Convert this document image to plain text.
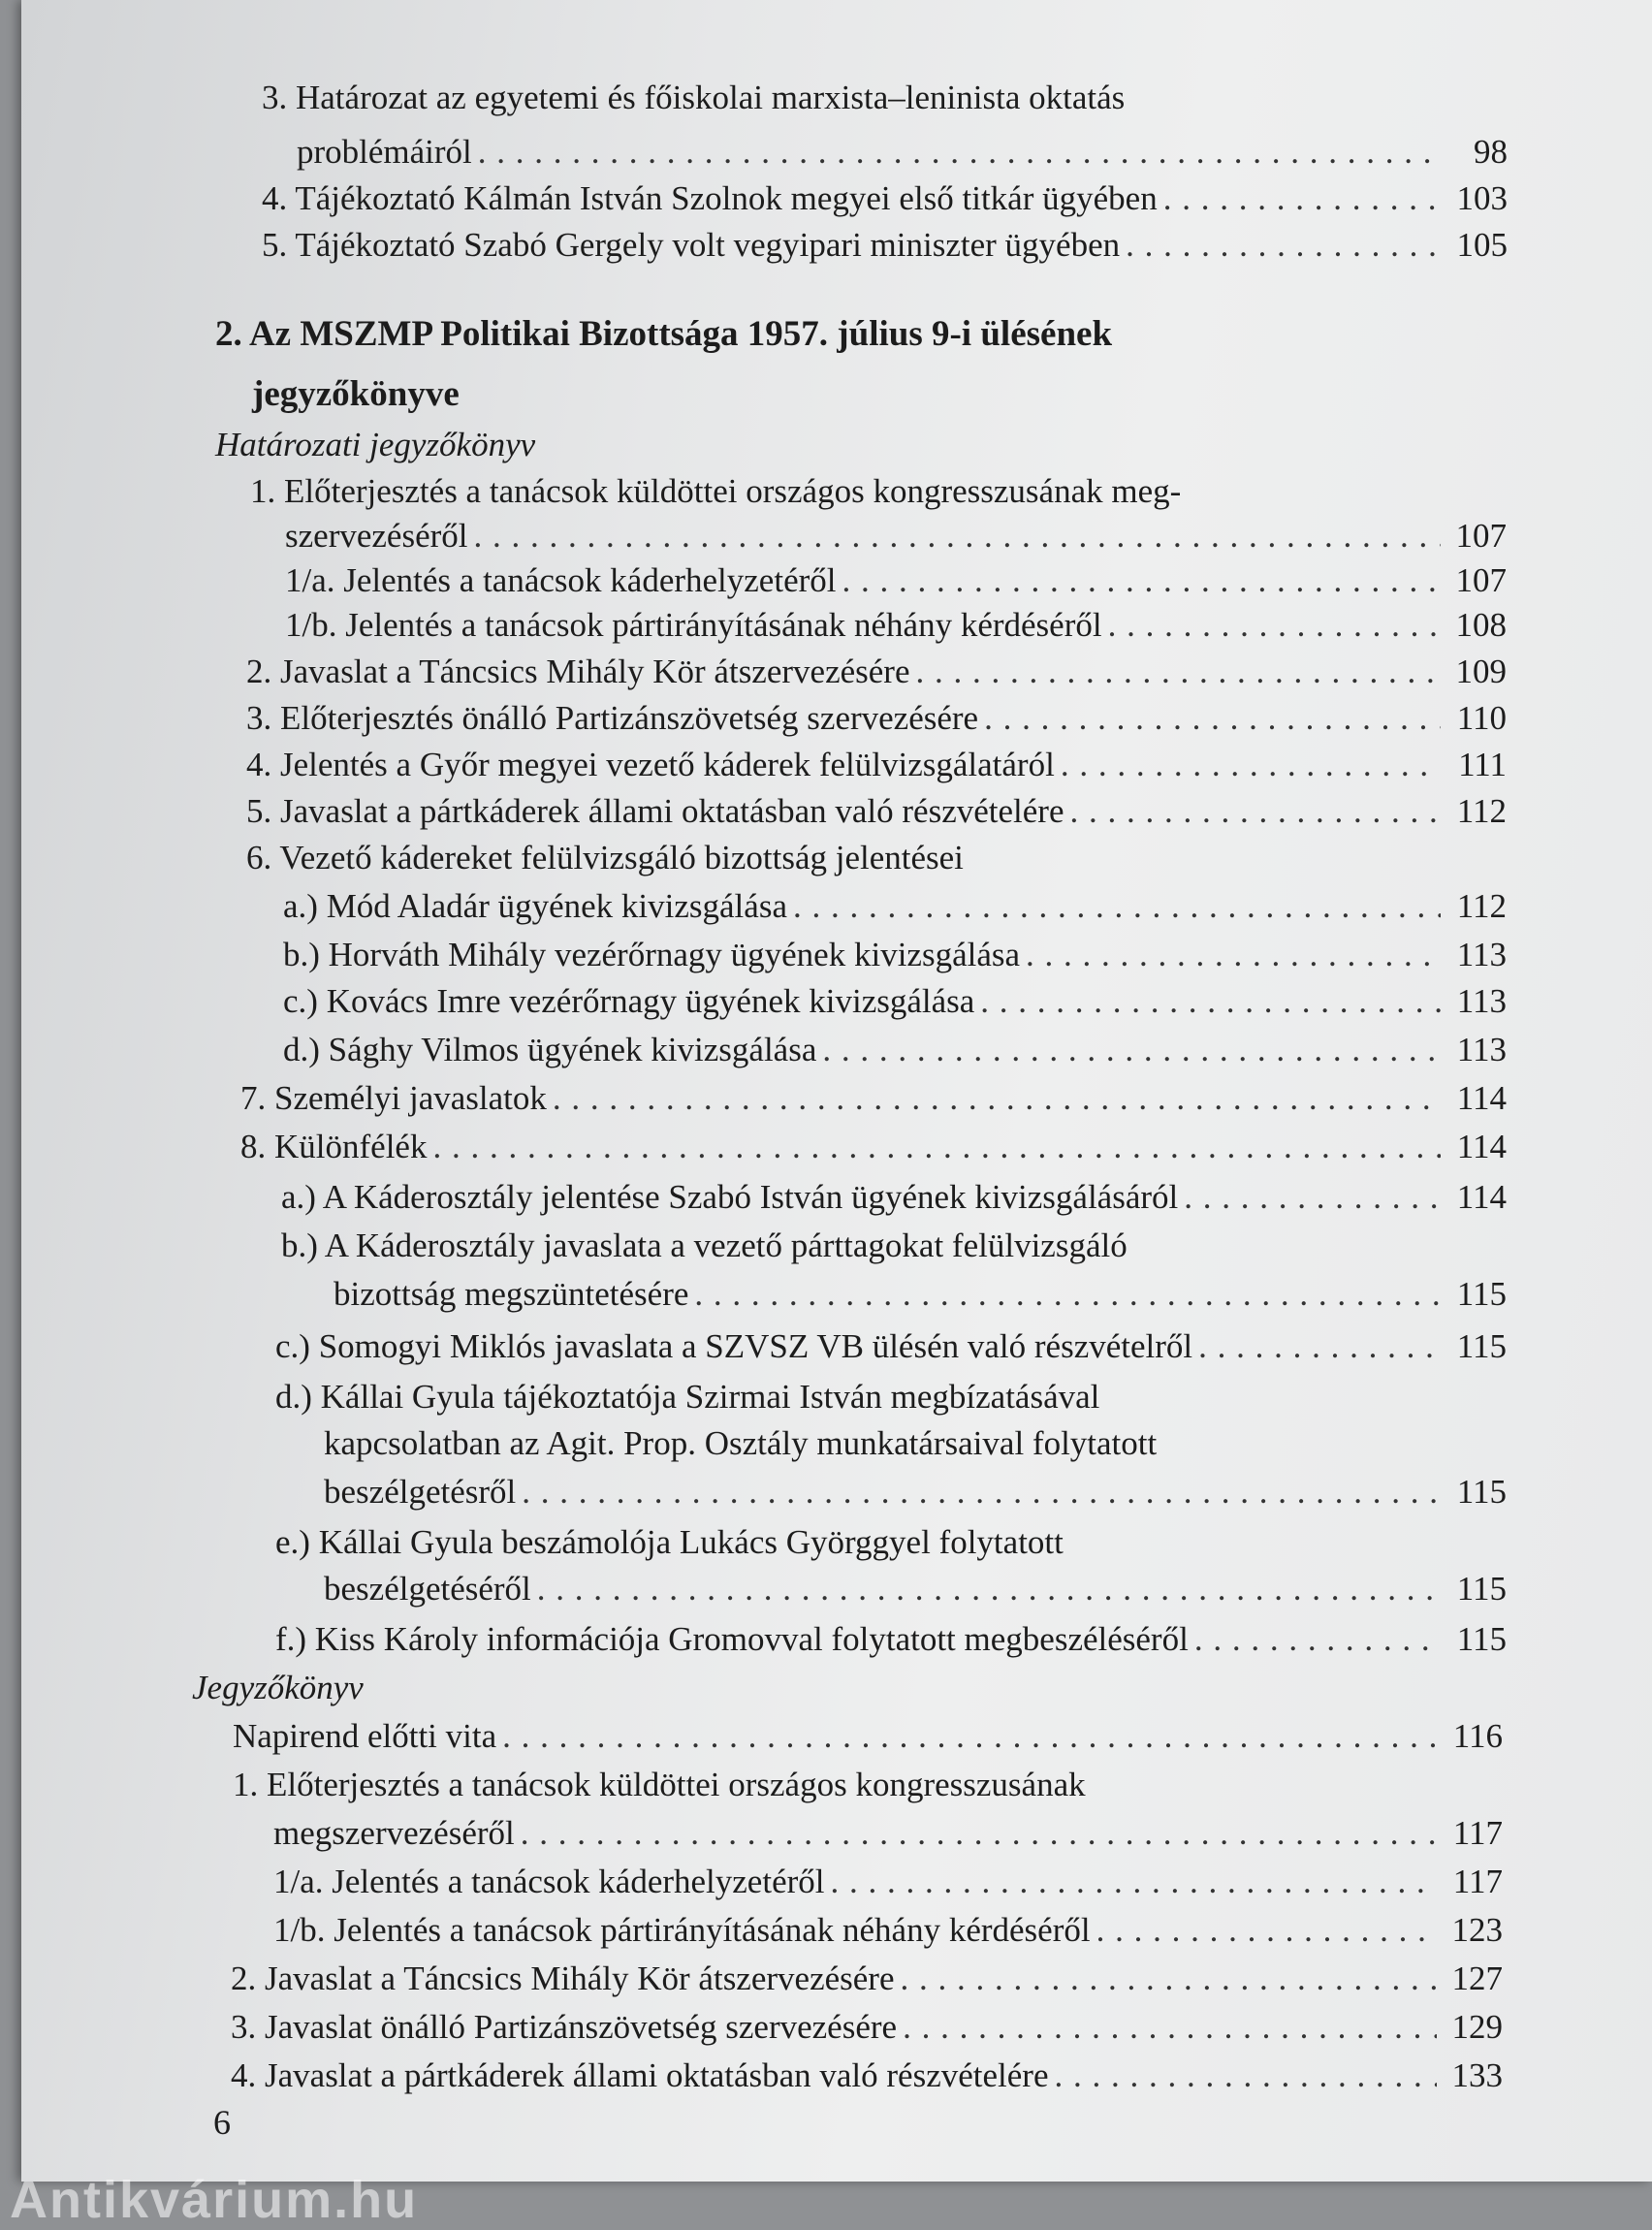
3. Határozat az egyetemi és főiskolai marxista–leninista oktatás
problémáiról . . .	98
4. Tájékoztató Kálmán István Szolnok megyei első titkár ügyében . . .	103
5. Tájékoztató Szabó Gergely volt vegyipari miniszter ügyében . . .	105
2. Az MSZMP Politikai Bizottsága 1957. július 9-i ülésének
jegyzőkönyve
Határozati jegyzőkönyv
1. Előterjesztés a tanácsok küldöttei országos kongresszusának meg-
szervezéséről . . .	107
1/a. Jelentés a tanácsok káderhelyzetéről . . .	107
1/b. Jelentés a tanácsok pártirányításának néhány kérdéséről . . .	108
2. Javaslat a Táncsics Mihály Kör átszervezésére . . .	109
3. Előterjesztés önálló Partizánszövetség szervezésére . . .	110
4. Jelentés a Győr megyei vezető káderek felülvizsgálatáról . . .	111
5. Javaslat a pártkáderek állami oktatásban való részvételére . . .	112
6. Vezető kádereket felülvizsgáló bizottság jelentései
a.) Mód Aladár ügyének kivizsgálása . . .	112
b.) Horváth Mihály vezérőrnagy ügyének kivizsgálása . . .	113
c.) Kovács Imre vezérőrnagy ügyének kivizsgálása . . .	113
d.) Sághy Vilmos ügyének kivizsgálása . . .	113
7. Személyi javaslatok . . .	114
8. Különfélék . . .	114
a.) A Káderosztály jelentése Szabó István ügyének kivizsgálásáról . . .	114
b.) A Káderosztály javaslata a vezető párttagokat felülvizsgáló
bizottság megszüntetésére . . .	115
c.) Somogyi Miklós javaslata a SZVSZ VB ülésén való részvételről . . .	115
d.) Kállai Gyula tájékoztatója Szirmai István megbízatásával
kapcsolatban az Agit. Prop. Osztály munkatársaival folytatott
beszélgetésről . . .	115
e.) Kállai Gyula beszámolója Lukács Györggyel folytatott
beszélgetéséről . . .	115
f.) Kiss Károly információja Gromovval folytatott megbeszéléséről . . .	115
Jegyzőkönyv
Napirend előtti vita . . .	116
1. Előterjesztés a tanácsok küldöttei országos kongresszusának
megszervezéséről . . .	117
1/a. Jelentés a tanácsok káderhelyzetéről . . .	117
1/b. Jelentés a tanácsok pártirányításának néhány kérdéséről . . .	123
2. Javaslat a Táncsics Mihály Kör átszervezésére . . .	127
3. Javaslat önálló Partizánszövetség szervezésére . . .	129
4. Javaslat a pártkáderek állami oktatásban való részvételére . . .	133
6
Antikvárium.hu
